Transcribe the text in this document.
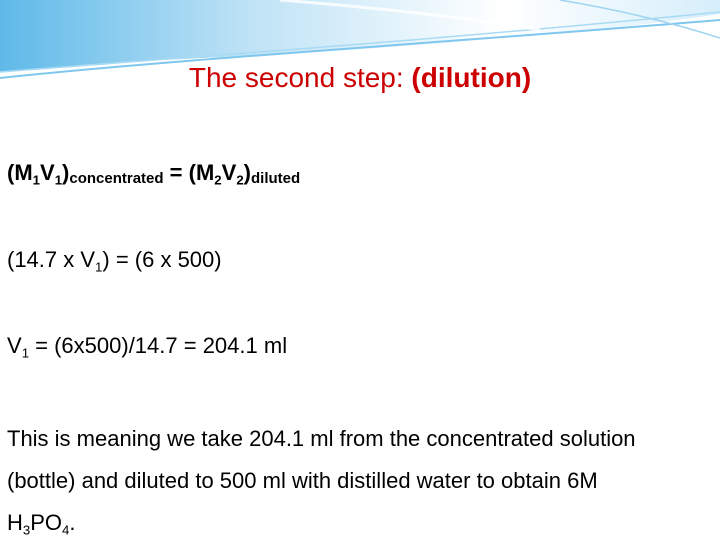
The second step: (dilution)
$(M_1V_1)_{concentrated} = (M_2V_2)_{diluted}$
(14.7 x $V_1) = (6$ x 500)
$V_1 = (6x500)/14.7 = 204.1$ ml
This is meaning we take 204.1 ml from the concentrated solution
(bottle) and diluted to 500 ml with distilled water to obtain 6M
$H_3PO_4$.
